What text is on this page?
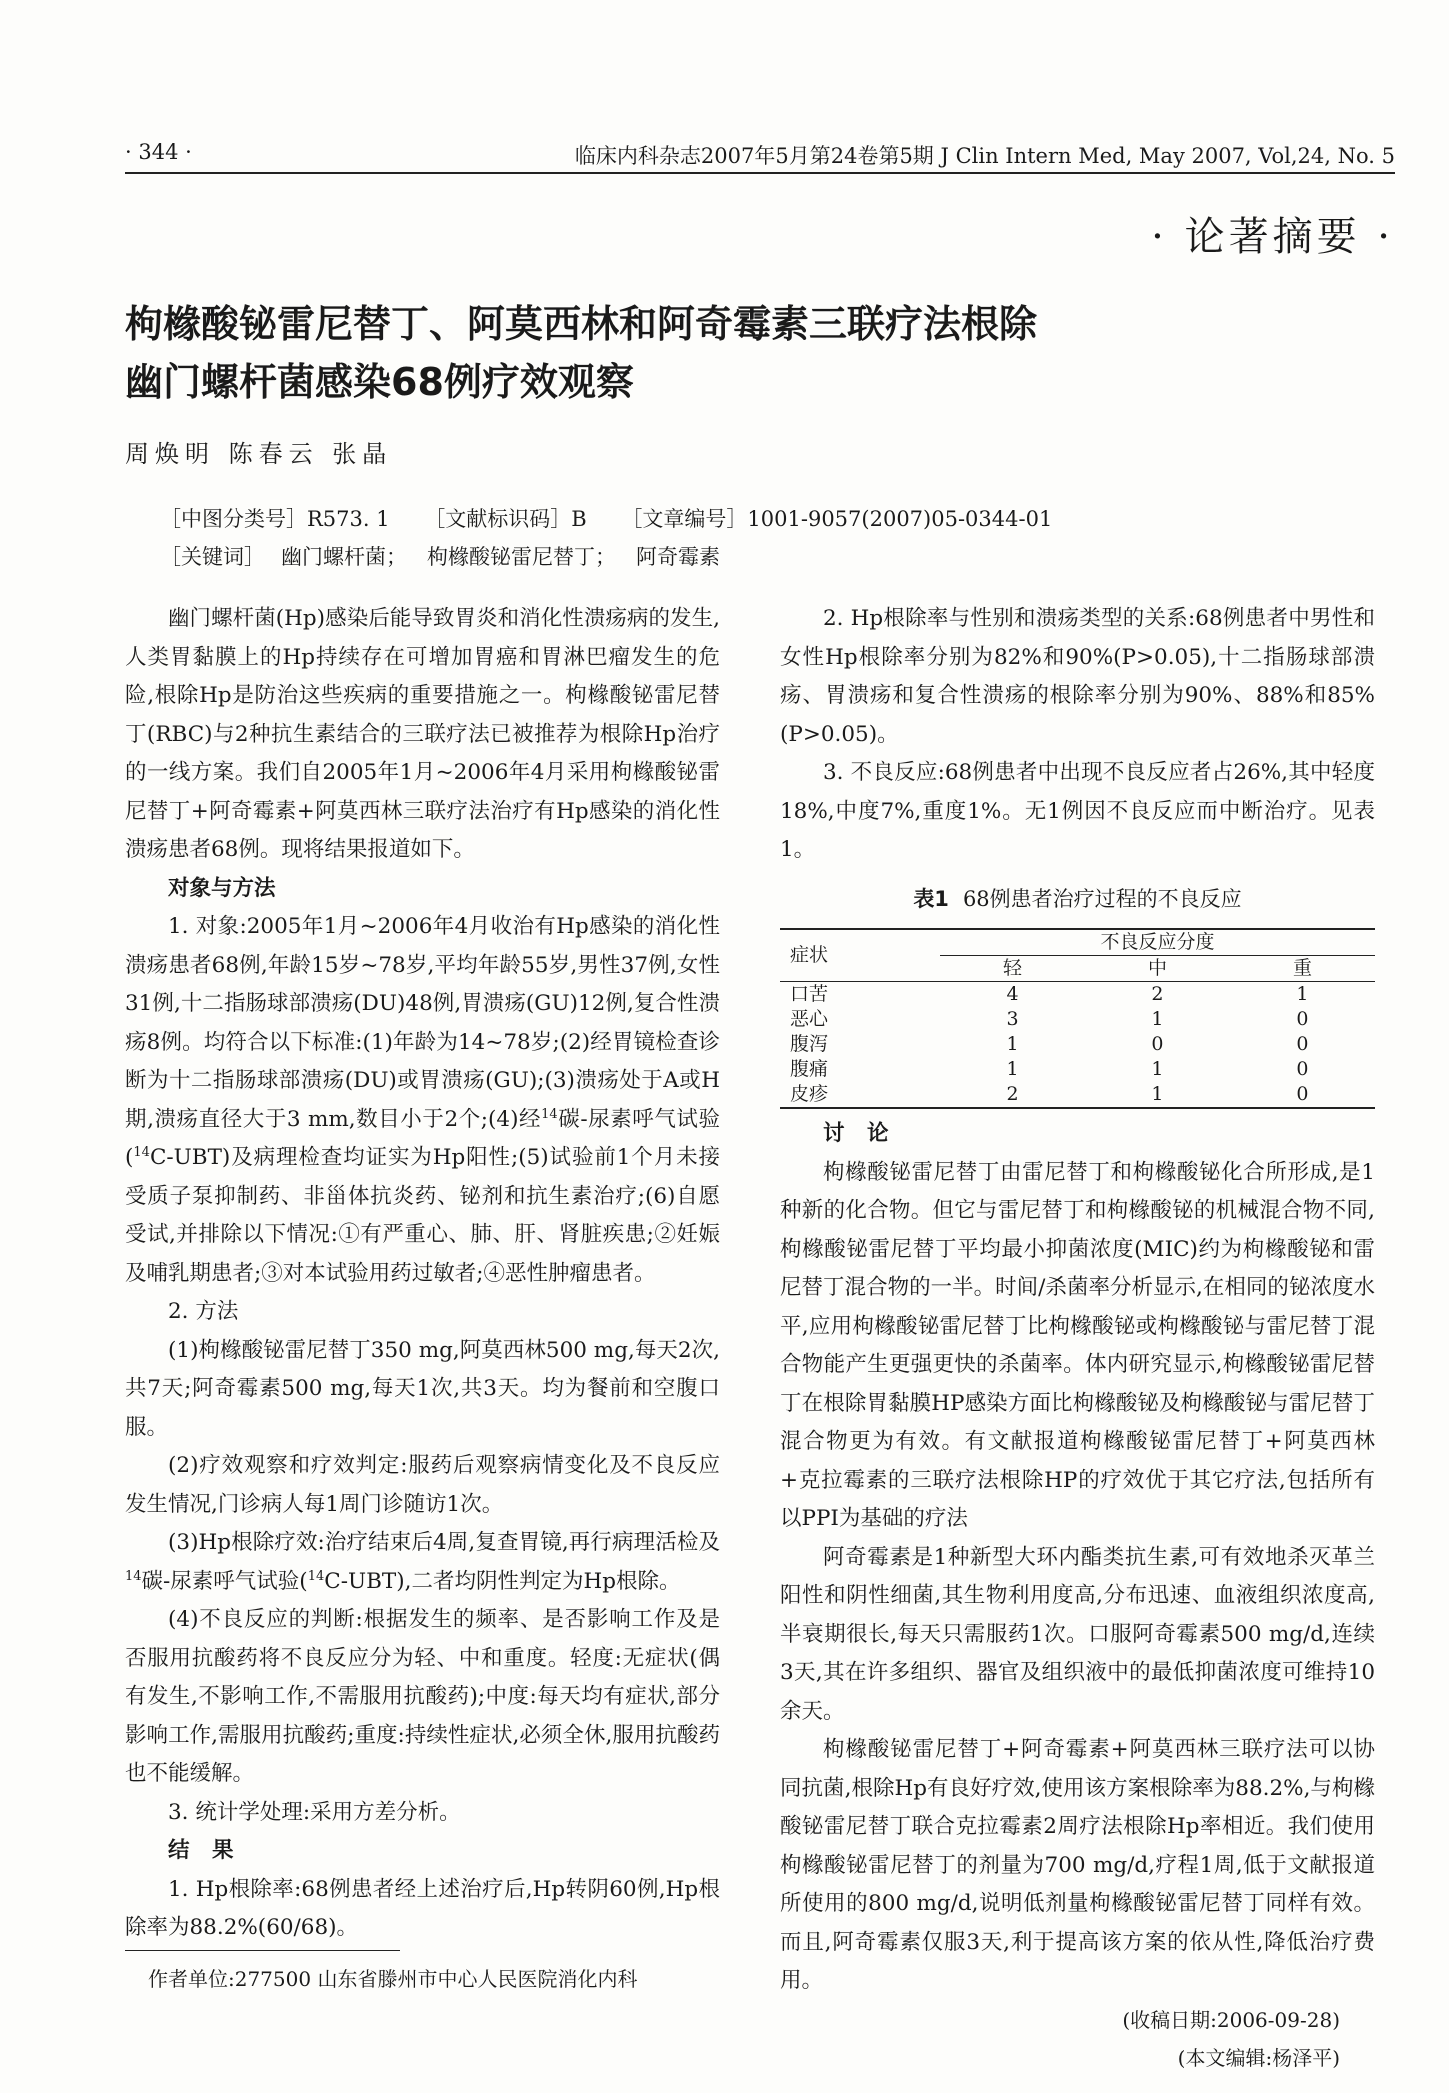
· 344 ·	临床内科杂志2007年5月第24卷第5期 J Clin Intern Med, May 2007, Vol,24, No. 5
· 论著摘要 ·
枸橼酸铋雷尼替丁、阿莫西林和阿奇霉素三联疗法根除
幽门螺杆菌感染68例疗效观察
周焕明 陈春云 张晶
［中图分类号］R573. 1 ［文献标识码］B ［文章编号］1001-9057(2007)05-0344-01
［关键词］ 幽门螺杆菌；   枸橼酸铋雷尼替丁；   阿奇霉素

幽门螺杆菌(Hp)感染后能导致胃炎和消化性溃疡病的发生,人类胃黏膜上的Hp持续存在可增加胃癌和胃淋巴瘤发生的危险,根除Hp是防治这些疾病的重要措施之一。枸橼酸铋雷尼替丁(RBC)与2种抗生素结合的三联疗法已被推荐为根除Hp治疗的一线方案。我们自2005年1月~2006年4月采用枸橼酸铋雷尼替丁+阿奇霉素+阿莫西林三联疗法治疗有Hp感染的消化性溃疡患者68例。现将结果报道如下。

对象与方法

1. 对象:2005年1月~2006年4月收治有Hp感染的消化性溃疡患者68例,年龄15岁~78岁,平均年龄55岁,男性37例,女性31例,十二指肠球部溃疡(DU)48例,胃溃疡(GU)12例,复合性溃疡8例。均符合以下标准:(1)年龄为14~78岁;(2)经胃镜检查诊断为十二指肠球部溃疡(DU)或胃溃疡(GU);(3)溃疡处于A或H期,溃疡直径大于3 mm,数目小于2个;(4)经$^{14}$碳-尿素呼气试验($^{14}$C-UBT)及病理检查均证实为Hp阳性;(5)试验前1个月未接受质子泵抑制药、非甾体抗炎药、铋剂和抗生素治疗;(6)自愿受试,并排除以下情况:①有严重心、肺、肝、肾脏疾患;②妊娠及哺乳期患者;③对本试验用药过敏者;④恶性肿瘤患者。

2. 方法

(1)枸橼酸铋雷尼替丁350 mg,阿莫西林500 mg,每天2次,共7天;阿奇霉素500 mg,每天1次,共3天。均为餐前和空腹口服。

(2)疗效观察和疗效判定:服药后观察病情变化及不良反应发生情况,门诊病人每1周门诊随访1次。

(3)Hp根除疗效:治疗结束后4周,复查胃镜,再行病理活检及$^{14}$碳-尿素呼气试验($^{14}$C-UBT),二者均阴性判定为Hp根除。

(4)不良反应的判断:根据发生的频率、是否影响工作及是否服用抗酸药将不良反应分为轻、中和重度。轻度:无症状(偶有发生,不影响工作,不需服用抗酸药);中度:每天均有症状,部分影响工作,需服用抗酸药;重度:持续性症状,必须全休,服用抗酸药也不能缓解。

3. 统计学处理:采用方差分析。

结   果

1. Hp根除率:68例患者经上述治疗后,Hp转阴60例,Hp根除率为88.2%(60/68)。

2. Hp根除率与性别和溃疡类型的关系:68例患者中男性和女性Hp根除率分别为82%和90%(P>0.05),十二指肠球部溃疡、胃溃疡和复合性溃疡的根除率分别为90%、88%和85%(P>0.05)。

3. 不良反应:68例患者中出现不良反应者占26%,其中轻度18%,中度7%,重度1%。无1例因不良反应而中断治疗。见表1。

表1 68例患者治疗过程的不良反应
症状	不良反应分度		
	轻	中	重
口苦	4	2	1
恶心	3	1	0
腹泻	1	0	0
腹痛	1	1	0
皮疹	2	1	0

讨   论

枸橼酸铋雷尼替丁由雷尼替丁和枸橼酸铋化合所形成,是1种新的化合物。但它与雷尼替丁和枸橼酸铋的机械混合物不同,枸橼酸铋雷尼替丁平均最小抑菌浓度(MIC)约为枸橼酸铋和雷尼替丁混合物的一半。时间/杀菌率分析显示,在相同的铋浓度水平,应用枸橼酸铋雷尼替丁比枸橼酸铋或枸橼酸铋与雷尼替丁混合物能产生更强更快的杀菌率。体内研究显示,枸橼酸铋雷尼替丁在根除胃黏膜HP感染方面比枸橼酸铋及枸橼酸铋与雷尼替丁混合物更为有效。有文献报道枸橼酸铋雷尼替丁+阿莫西林+克拉霉素的三联疗法根除HP的疗效优于其它疗法,包括所有以PPI为基础的疗法

阿奇霉素是1种新型大环内酯类抗生素,可有效地杀灭革兰阳性和阴性细菌,其生物利用度高,分布迅速、血液组织浓度高,半衰期很长,每天只需服药1次。口服阿奇霉素500 mg/d,连续3天,其在许多组织、器官及组织液中的最低抑菌浓度可维持10余天。

枸橼酸铋雷尼替丁+阿奇霉素+阿莫西林三联疗法可以协同抗菌,根除Hp有良好疗效,使用该方案根除率为88.2%,与枸橼酸铋雷尼替丁联合克拉霉素2周疗法根除Hp率相近。我们使用枸橼酸铋雷尼替丁的剂量为700 mg/d,疗程1周,低于文献报道所使用的800 mg/d,说明低剂量枸橼酸铋雷尼替丁同样有效。而且,阿奇霉素仅服3天,利于提高该方案的依从性,降低治疗费用。

(收稿日期:2006-09-28)

(本文编辑:杨泽平)

作者单位:277500 山东省滕州市中心人民医院消化内科
